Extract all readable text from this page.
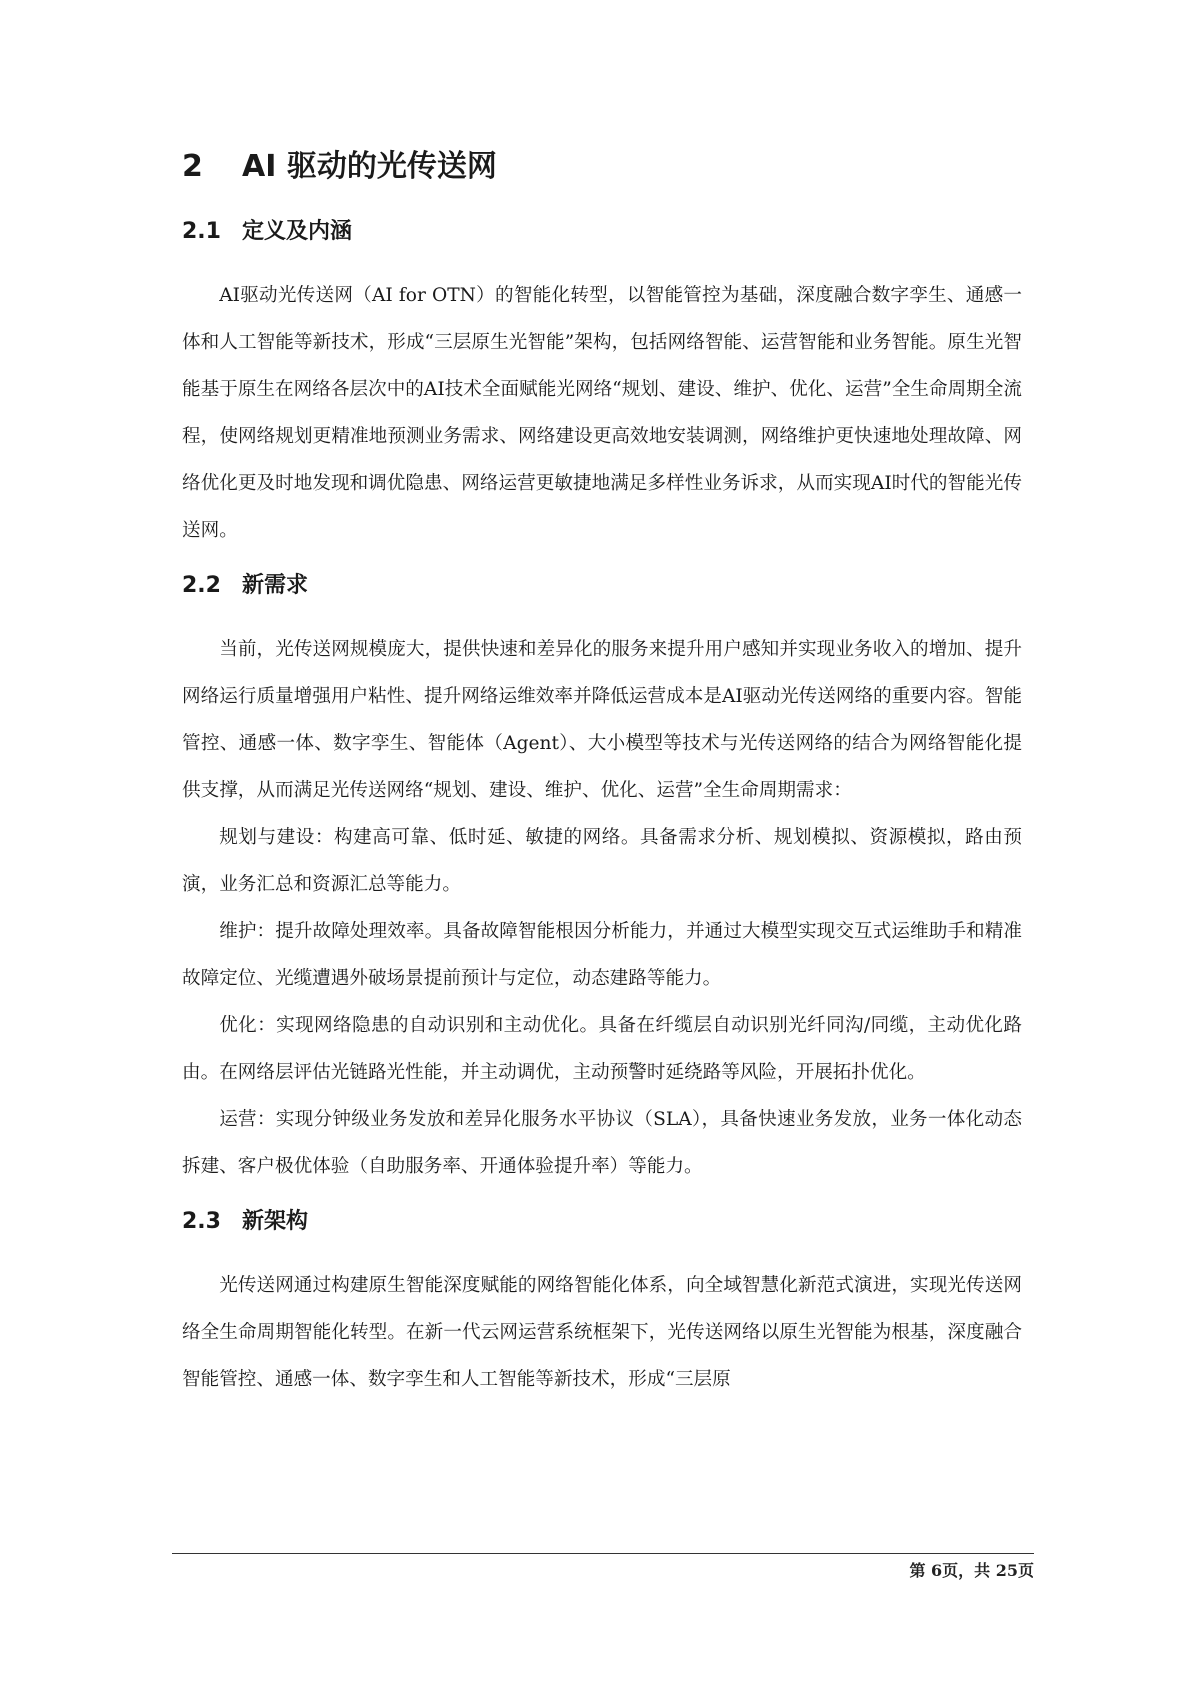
2	AI 驱动的光传送网
2.1 定义及内涵

AI驱动光传送网（AI for OTN）的智能化转型，以智能管控为基础，深度融合数字孪生、通感一体和人工智能等新技术，形成“三层原生光智能”架构，包括网络智能、运营智能和业务智能。原生光智能基于原生在网络各层次中的AI技术全面赋能光网络“规划、建设、维护、优化、运营”全生命周期全流程，使网络规划更精准地预测业务需求、网络建设更高效地安装调测，网络维护更快速地处理故障、网络优化更及时地发现和调优隐患、网络运营更敏捷地满足多样性业务诉求，从而实现AI时代的智能光传送网。

2.2 新需求

当前，光传送网规模庞大，提供快速和差异化的服务来提升用户感知并实现业务收入的增加、提升网络运行质量增强用户粘性、提升网络运维效率并降低运营成本是AI驱动光传送网络的重要内容。智能管控、通感一体、数字孪生、智能体（Agent）、大小模型等技术与光传送网络的结合为网络智能化提供支撑，从而满足光传送网络“规划、建设、维护、优化、运营”全生命周期需求：

规划与建设：构建高可靠、低时延、敏捷的网络。具备需求分析、规划模拟、资源模拟，路由预演，业务汇总和资源汇总等能力。

维护：提升故障处理效率。具备故障智能根因分析能力，并通过大模型实现交互式运维助手和精准故障定位、光缆遭遇外破场景提前预计与定位，动态建路等能力。

优化：实现网络隐患的自动识别和主动优化。具备在纤缆层自动识别光纤同沟/同缆，主动优化路由。在网络层评估光链路光性能，并主动调优，主动预警时延绕路等风险，开展拓扑优化。

运营：实现分钟级业务发放和差异化服务水平协议（SLA），具备快速业务发放，业务一体化动态拆建、客户极优体验（自助服务率、开通体验提升率）等能力。

2.3 新架构

光传送网通过构建原生智能深度赋能的网络智能化体系，向全域智慧化新范式演进，实现光传送网络全生命周期智能化转型。在新一代云网运营系统框架下，光传送网络以原生光智能为根基，深度融合智能管控、通感一体、数字孪生和人工智能等新技术，形成“三层原

第 6页，共 25页
